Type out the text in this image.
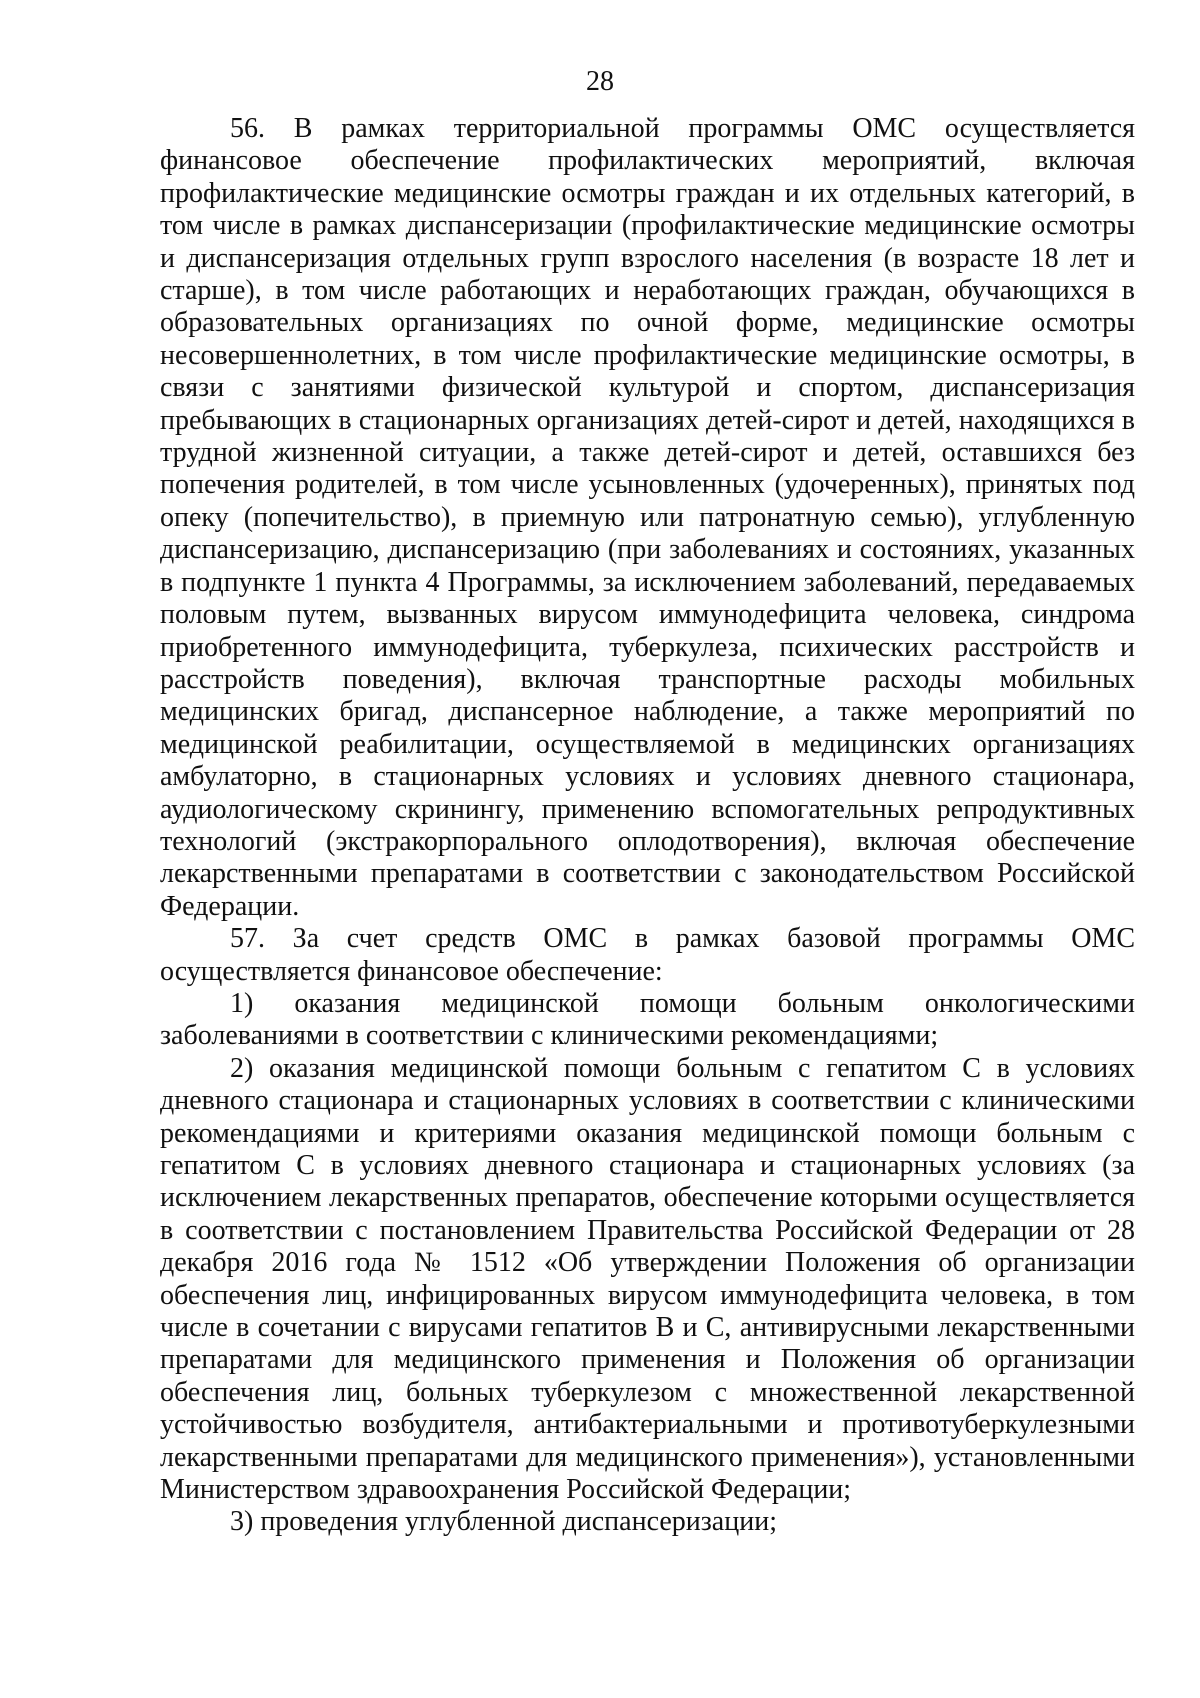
28

56. В рамках территориальной программы ОМС осуществляется финансовое обеспечение профилактических мероприятий, включая профилактические медицинские осмотры граждан и их отдельных категорий, в том числе в рамках диспансеризации (профилактические медицинские осмотры и диспансеризация отдельных групп взрослого населения (в возрасте 18 лет и старше), в том числе работающих и неработающих граждан, обучающихся в образовательных организациях по очной форме, медицинские осмотры несовершеннолетних, в том числе профилактические медицинские осмотры, в связи с занятиями физической культурой и спортом, диспансеризация пребывающих в стационарных организациях детей-сирот и детей, находящихся в трудной жизненной ситуации, а также детей-сирот и детей, оставшихся без попечения родителей, в том числе усыновленных (удочеренных), принятых под опеку (попечительство), в приемную или патронатную семью), углубленную диспансеризацию, диспансеризацию (при заболеваниях и состояниях, указанных в подпункте 1 пункта 4 Программы, за исключением заболеваний, передаваемых половым путем, вызванных вирусом иммунодефицита человека, синдрома приобретенного иммунодефицита, туберкулеза, психических расстройств и расстройств поведения), включая транспортные расходы мобильных медицинских бригад, диспансерное наблюдение, а также мероприятий по медицинской реабилитации, осуществляемой в медицинских организациях амбулаторно, в стационарных условиях и условиях дневного стационара, аудиологическому скринингу, применению вспомогательных репродуктивных технологий (экстракорпорального оплодотворения), включая обеспечение лекарственными препаратами в соответствии с законодательством Российской Федерации.

57. За счет средств ОМС в рамках базовой программы ОМС осуществляется финансовое обеспечение:

1) оказания медицинской помощи больным онкологическими заболеваниями в соответствии с клиническими рекомендациями;

2) оказания медицинской помощи больным с гепатитом С в условиях дневного стационара и стационарных условиях в соответствии с клиническими рекомендациями и критериями оказания медицинской помощи больным с гепатитом С в условиях дневного стационара и стационарных условиях (за исключением лекарственных препаратов, обеспечение которыми осуществляется в соответствии с постановлением Правительства Российской Федерации от 28 декабря 2016 года № 1512 «Об утверждении Положения об организации обеспечения лиц, инфицированных вирусом иммунодефицита человека, в том числе в сочетании с вирусами гепатитов В и С, антивирусными лекарственными препаратами для медицинского применения и Положения об организации обеспечения лиц, больных туберкулезом с множественной лекарственной устойчивостью возбудителя, антибактериальными и противотуберкулезными лекарственными препаратами для медицинского применения»), установленными Министерством здравоохранения Российской Федерации;

3) проведения углубленной диспансеризации;
